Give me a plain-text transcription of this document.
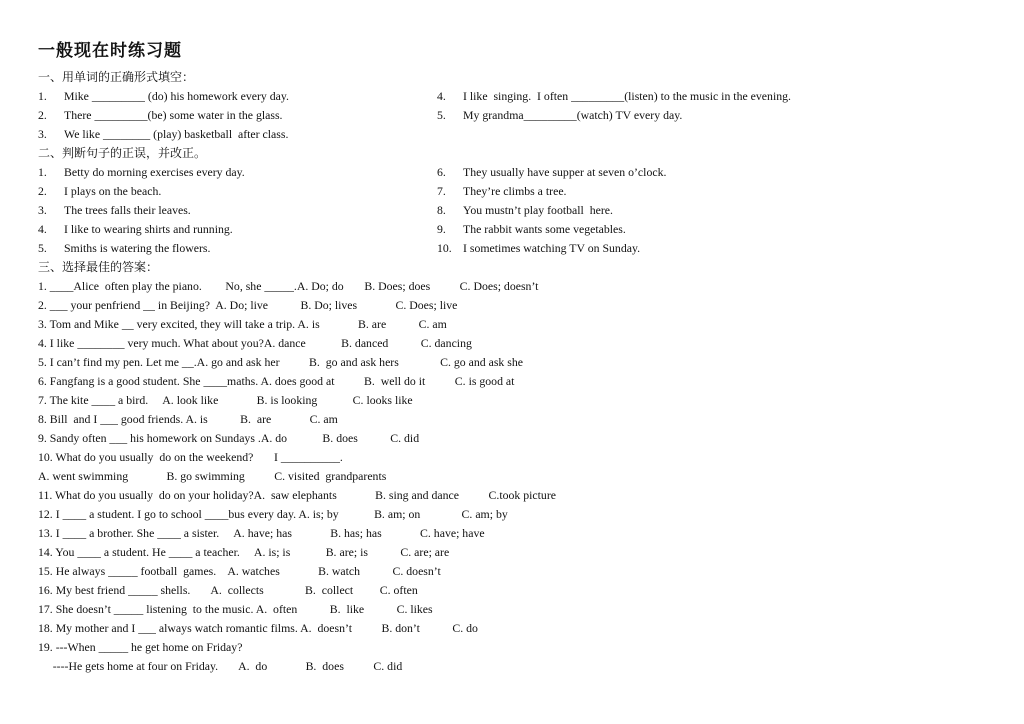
一般现在时练习题
一、用单词的正确形式填空：
1. Mike _________ (do) his homework every day.
2. There _________(be) some water in the glass.
3. We like ________ (play) basketball  after class.
4. I like  singing.  I often _________(listen) to the music in the evening.
5. My grandma_________(watch) TV every day.
二、判断句子的正误，并改正。
1. Betty do morning exercises every day.
2. I plays on the beach.
3. The trees falls their leaves.
4. I like to wearing shirts and running.
5. Smiths is watering the flowers.
6. They usually have supper at seven o’clock.
7. They’re climbs a tree.
8. You mustn’t play football  here.
9. The rabbit wants some vegetables.
10. I sometimes watching TV on Sunday.
三、选择最佳的答案：
1. ____Alice  often play the piano.        No, she _____.A. Do; do       B. Does; does          C. Does; doesn’t
2. ___ your penfriend __ in Beijing?  A. Do; live           B. Do; lives             C. Does; live
3. Tom and Mike __ very excited, they will take a trip. A. is             B. are           C. am
4. I like ________ very much. What about you?A. dance            B. danced           C. dancing
5. I can’t find my pen. Let me __.A. go and ask her          B.  go and ask hers              C. go and ask she
6. Fangfang is a good student. She ____maths. A. does good at          B.  well do it          C. is good at
7. The kite ____ a bird.     A. look like             B. is looking            C. looks like
8. Bill  and I ___ good friends. A. is           B.  are             C. am
9. Sandy often ___ his homework on Sundays .A. do            B. does           C. did
10. What do you usually  do on the weekend?       I __________.
A. went swimming             B. go swimming          C. visited  grandparents
11. What do you usually  do on your holiday?A.  saw elephants             B. sing and dance          C.took picture
12. I ____ a student. I go to school ____bus every day. A. is; by            B. am; on              C. am; by
13. I ____ a brother. She ____ a sister.     A. have; has             B. has; has             C. have; have
14. You ____ a student. He ____ a teacher.     A. is; is            B. are; is           C. are; are
15. He always _____ football  games.    A. watches             B. watch           C. doesn’t
16. My best friend _____ shells.       A.  collects              B.  collect         C. often
17. She doesn’t _____ listening  to the music. A.  often           B.  like           C. likes
18. My mother and I ___ always watch romantic films. A.  doesn’t          B. don’t           C. do
19. ---When _____ he get home on Friday?
----He gets home at four on Friday.       A.  do             B.  does          C. did
